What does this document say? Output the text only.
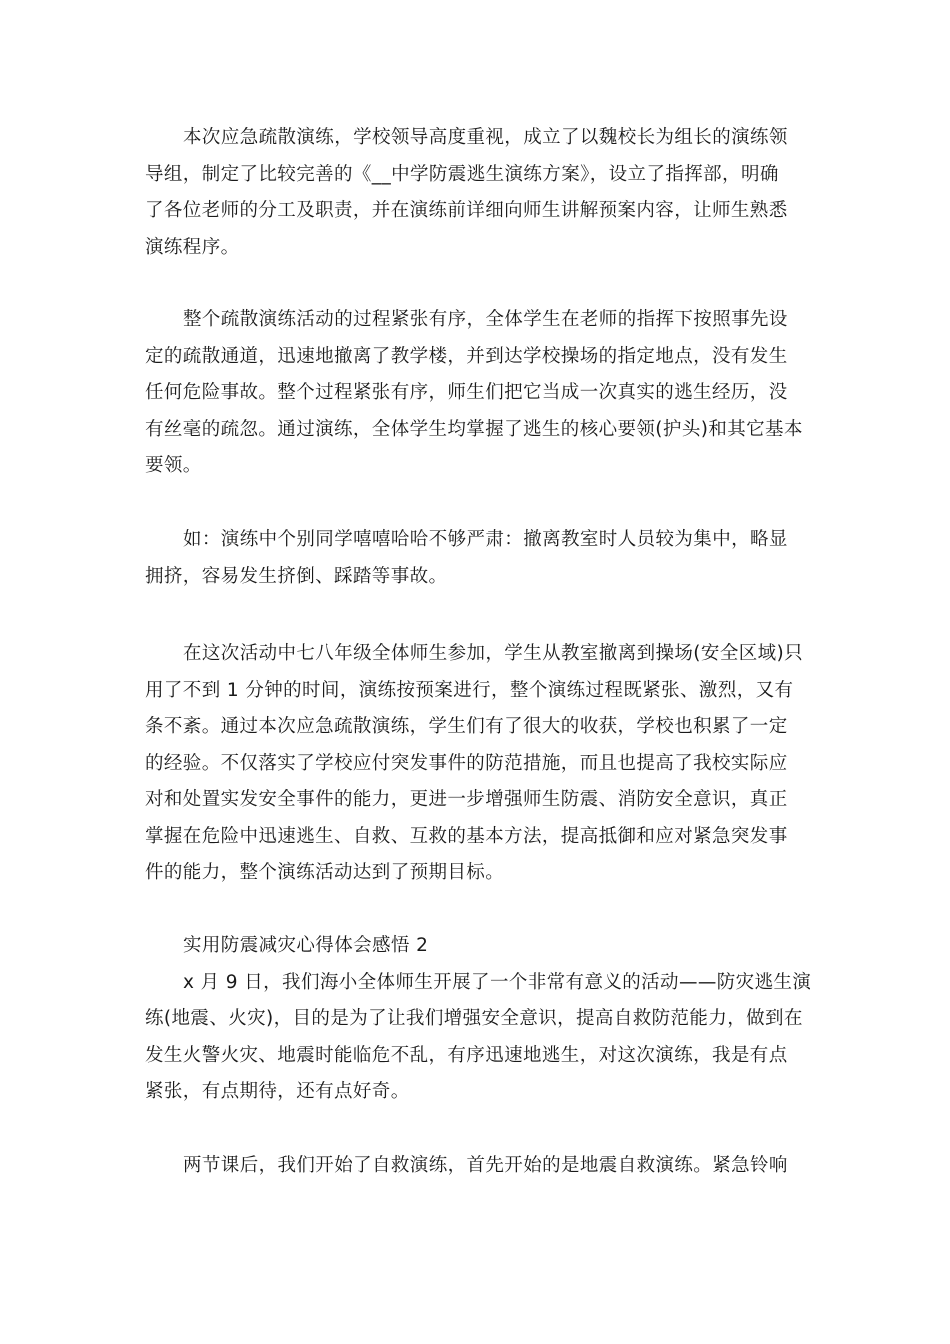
本次应急疏散演练，学校领导高度重视，成立了以魏校长为组长的演练领
导组，制定了比较完善的《__中学防震逃生演练方案》，设立了指挥部，明确
了各位老师的分工及职责，并在演练前详细向师生讲解预案内容，让师生熟悉
演练程序。

整个疏散演练活动的过程紧张有序，全体学生在老师的指挥下按照事先设
定的疏散通道，迅速地撤离了教学楼，并到达学校操场的指定地点，没有发生
任何危险事故。整个过程紧张有序，师生们把它当成一次真实的逃生经历，没
有丝毫的疏忽。通过演练，全体学生均掌握了逃生的核心要领(护头)和其它基本
要领。

如：演练中个别同学嘻嘻哈哈不够严肃：撤离教室时人员较为集中，略显
拥挤，容易发生挤倒、踩踏等事故。

在这次活动中七八年级全体师生参加，学生从教室撤离到操场(安全区域)只
用了不到 1 分钟的时间，演练按预案进行，整个演练过程既紧张、激烈，又有
条不紊。通过本次应急疏散演练，学生们有了很大的收获，学校也积累了一定
的经验。不仅落实了学校应付突发事件的防范措施，而且也提高了我校实际应
对和处置实发安全事件的能力，更进一步增强师生防震、消防安全意识，真正
掌握在危险中迅速逃生、自救、互救的基本方法，提高抵御和应对紧急突发事
件的能力，整个演练活动达到了预期目标。

实用防震减灾心得体会感悟 2
x 月 9 日，我们海小全体师生开展了一个非常有意义的活动——防灾逃生演
练(地震、火灾)，目的是为了让我们增强安全意识，提高自救防范能力，做到在
发生火警火灾、地震时能临危不乱，有序迅速地逃生，对这次演练，我是有点
紧张，有点期待，还有点好奇。

两节课后，我们开始了自救演练，首先开始的是地震自救演练。紧急铃响
